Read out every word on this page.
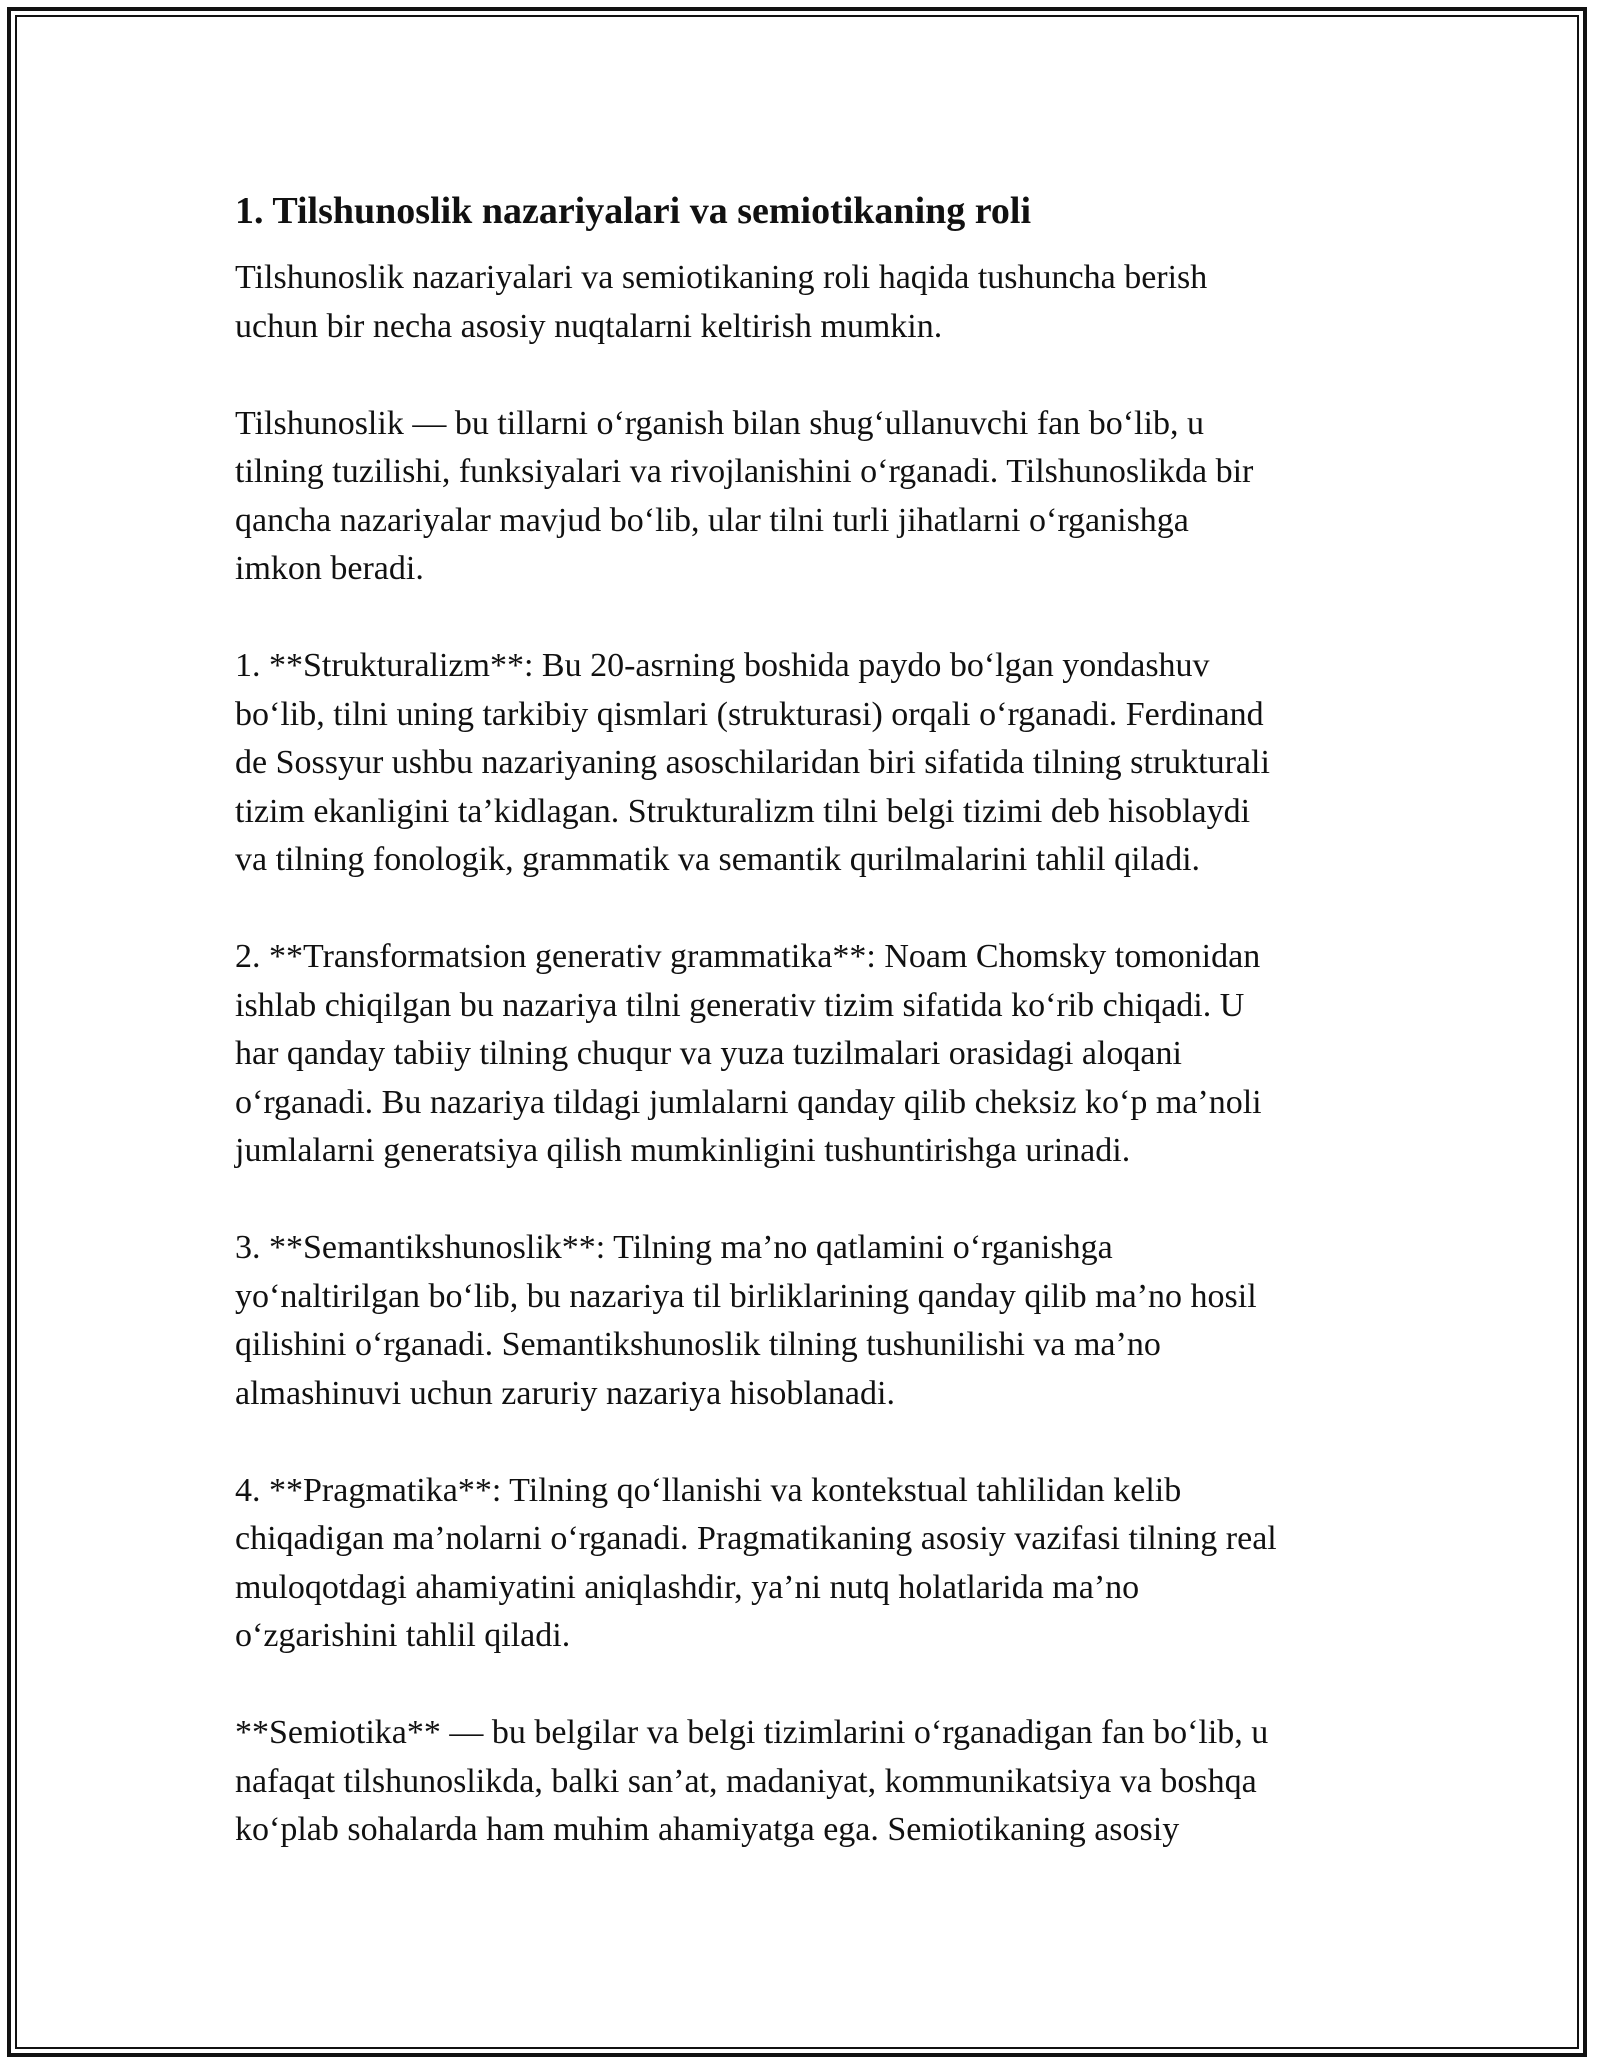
1. Tilshunoslik nazariyalari va semiotikaning roli
Tilshunoslik nazariyalari va semiotikaning roli haqida tushuncha berish
uchun bir necha asosiy nuqtalarni keltirish mumkin.
Tilshunoslik — bu tillarni o‘rganish bilan shug‘ullanuvchi fan bo‘lib, u
tilning tuzilishi, funksiyalari va rivojlanishini o‘rganadi. Tilshunoslikda bir
qancha nazariyalar mavjud bo‘lib, ular tilni turli jihatlarni o‘rganishga
imkon beradi.
1. **Strukturalizm**: Bu 20-asrning boshida paydo bo‘lgan yondashuv
bo‘lib, tilni uning tarkibiy qismlari (strukturasi) orqali o‘rganadi. Ferdinand
de Sossyur ushbu nazariyaning asoschilaridan biri sifatida tilning strukturali
tizim ekanligini ta’kidlagan. Strukturalizm tilni belgi tizimi deb hisoblaydi
va tilning fonologik, grammatik va semantik qurilmalarini tahlil qiladi.
2. **Transformatsion generativ grammatika**: Noam Chomsky tomonidan
ishlab chiqilgan bu nazariya tilni generativ tizim sifatida ko‘rib chiqadi. U
har qanday tabiiy tilning chuqur va yuza tuzilmalari orasidagi aloqani
o‘rganadi. Bu nazariya tildagi jumlalarni qanday qilib cheksiz ko‘p ma’noli
jumlalarni generatsiya qilish mumkinligini tushuntirishga urinadi.
3. **Semantikshunoslik**: Tilning ma’no qatlamini o‘rganishga
yo‘naltirilgan bo‘lib, bu nazariya til birliklarining qanday qilib ma’no hosil
qilishini o‘rganadi. Semantikshunoslik tilning tushunilishi va ma’no
almashinuvi uchun zaruriy nazariya hisoblanadi.
4. **Pragmatika**: Tilning qo‘llanishi va kontekstual tahlilidan kelib
chiqadigan ma’nolarni o‘rganadi. Pragmatikaning asosiy vazifasi tilning real
muloqotdagi ahamiyatini aniqlashdir, ya’ni nutq holatlarida ma’no
o‘zgarishini tahlil qiladi.
**Semiotika** — bu belgilar va belgi tizimlarini o‘rganadigan fan bo‘lib, u
nafaqat tilshunoslikda, balki san’at, madaniyat, kommunikatsiya va boshqa
ko‘plab sohalarda ham muhim ahamiyatga ega. Semiotikaning asosiy
